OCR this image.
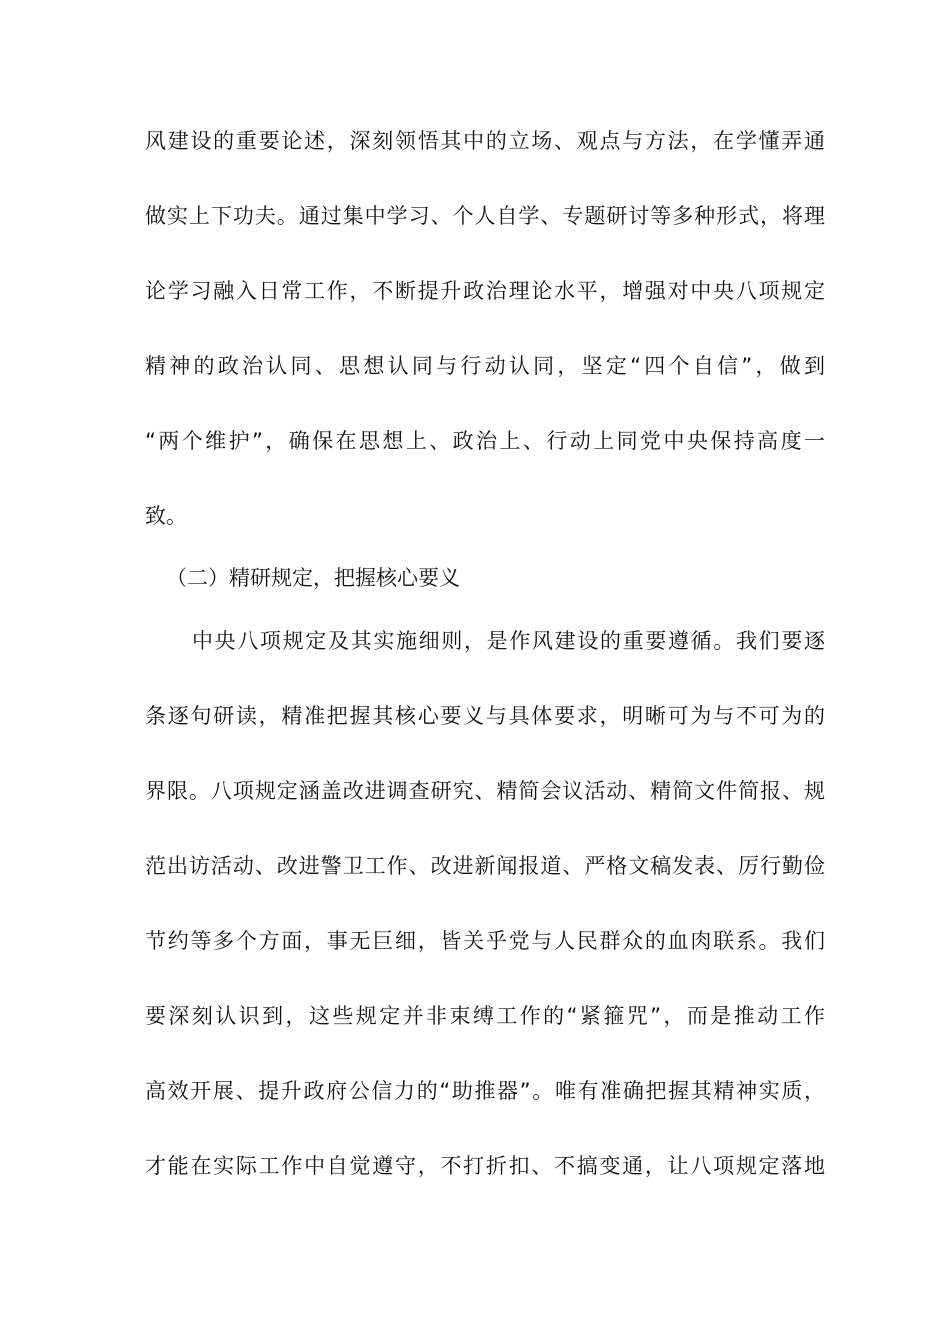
风建设的重要论述，深刻领悟其中的立场、观点与方法，在学懂弄通
做实上下功夫。通过集中学习、个人自学、专题研讨等多种形式，将理
论学习融入日常工作，不断提升政治理论水平，增强对中央八项规定
精神的政治认同、思想认同与行动认同，坚定“四个自信”，做到
“两个维护”，确保在思想上、政治上、行动上同党中央保持高度一
致。
（二）精研规定，把握核心要义
中央八项规定及其实施细则，是作风建设的重要遵循。我们要逐
条逐句研读，精准把握其核心要义与具体要求，明晰可为与不可为的
界限。八项规定涵盖改进调查研究、精简会议活动、精简文件简报、规
范出访活动、改进警卫工作、改进新闻报道、严格文稿发表、厉行勤俭
节约等多个方面，事无巨细，皆关乎党与人民群众的血肉联系。我们
要深刻认识到，这些规定并非束缚工作的“紧箍咒”，而是推动工作
高效开展、提升政府公信力的“助推器”。唯有准确把握其精神实质，
才能在实际工作中自觉遵守，不打折扣、不搞变通，让八项规定落地
